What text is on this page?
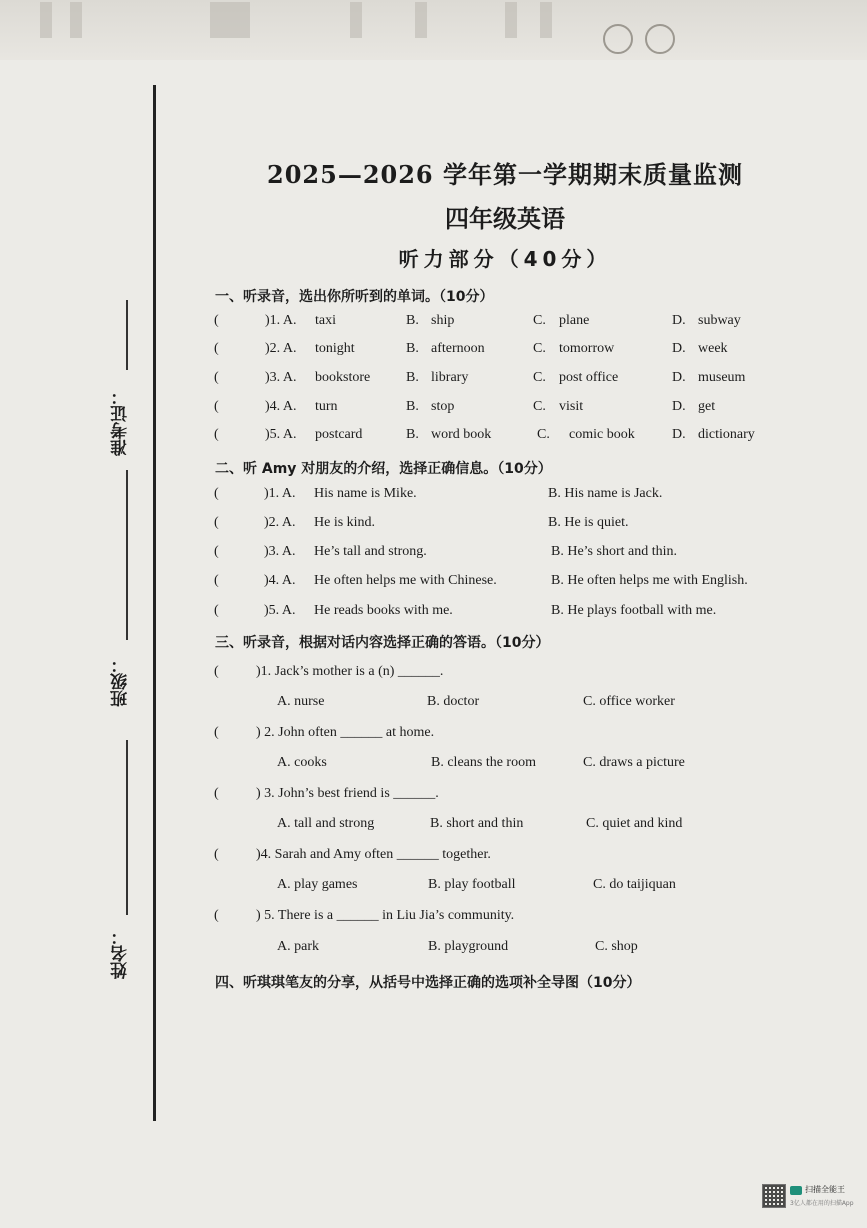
准考证：
班级：
姓名：
2025—2026 学年第一学期期末质量监测
四年级英语
听力部分（40分）
一、听录音，选出你所听到的单词。（10分）
(	)1. A. taxi	B. ship	C. plane	D. subway
(	)2. A. tonight	B. afternoon	C. tomorrow	D. week
(	)3. A. bookstore	B. library	C. post office	D. museum
(	)4. A. turn	B. stop	C. visit	D. get
(	)5. A. postcard	B. word book	C. comic book	D. dictionary
二、听 Amy 对朋友的介绍，选择正确信息。（10分）
(	)1. A. His name is Mike.	B. His name is Jack.
(	)2. A. He is kind.	B. He is quiet.
(	)3. A. He’s tall and strong.	B. He’s short and thin.
(	)4. A. He often helps me with Chinese.	B. He often helps me with English.
(	)5. A. He reads books with me.	B. He plays football with me.
三、听录音，根据对话内容选择正确的答语。（10分）
(	)1. Jack’s mother is a (n) ______.
A. nurse	B. doctor	C. office worker
(	) 2. John often ______ at home.
A. cooks	B. cleans the room	C. draws a picture
(	) 3. John’s best friend is ______.
A. tall and strong	B. short and thin	C. quiet and kind
(	)4. Sarah and Amy often ______ together.
A. play games	B. play football	C. do taijiquan
(	) 5. There is a ______ in Liu Jia’s community.
A. park	B. playground	C. shop
四、听琪琪笔友的分享，从括号中选择正确的选项补全导图（10分）
扫描全能王
3亿人都在用的扫描App
